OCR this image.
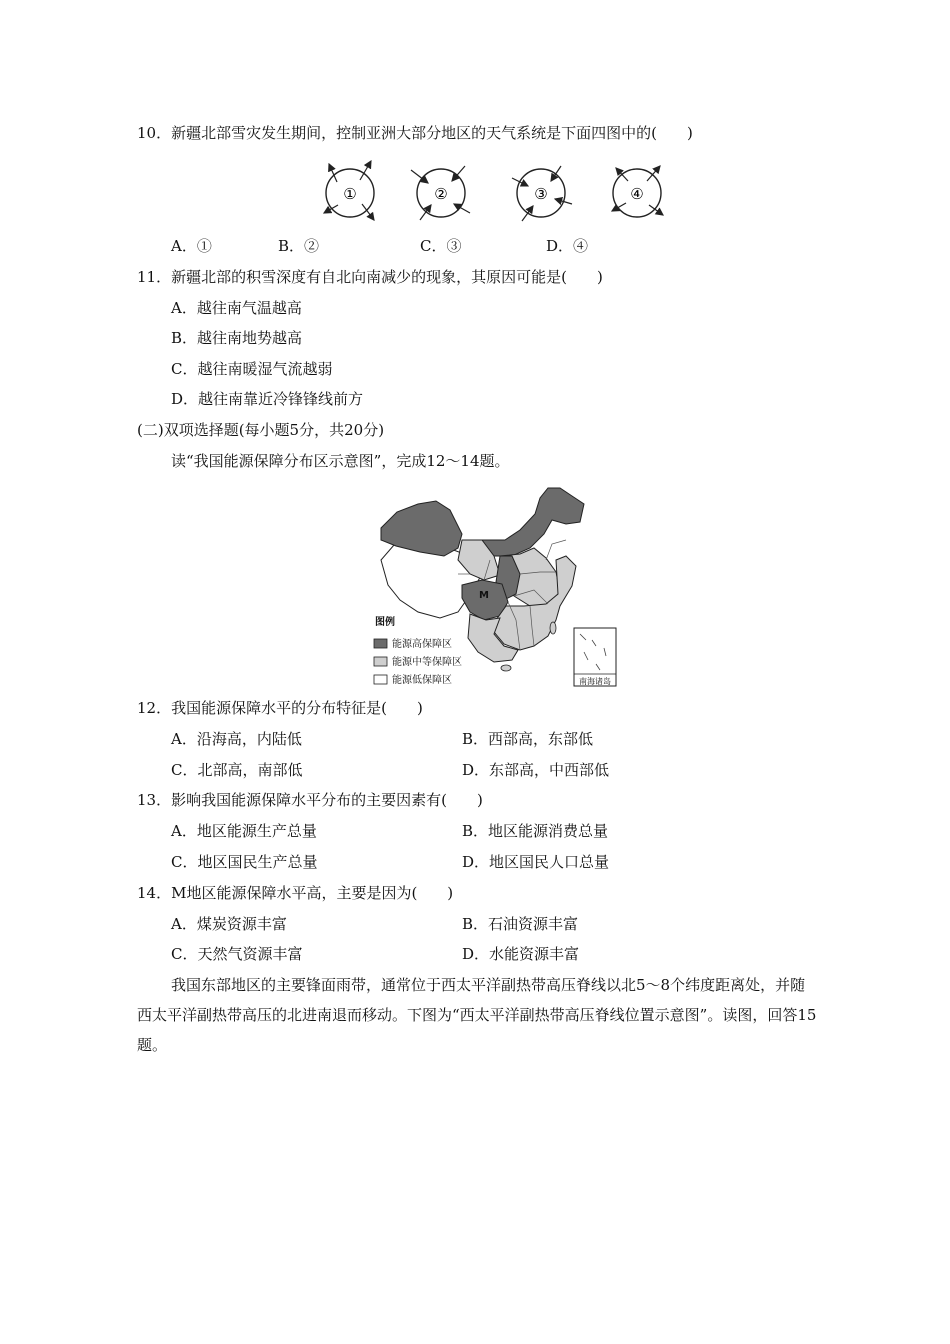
10．新疆北部雪灾发生期间，控制亚洲大部分地区的天气系统是下面四图中的(　　)
①	②	③	④
A．①	B．②	C．③	D．④
11．新疆北部的积雪深度有自北向南减少的现象，其原因可能是(　　)
A．越往南气温越高
B．越往南地势越高
C．越往南暖湿气流越弱
D．越往南靠近冷锋锋线前方
(二)双项选择题(每小题5分，共20分)
读“我国能源保障分布区示意图”，完成12～14题。
M
图例
能源高保障区
能源中等保障区
能源低保障区	南海诸岛
12．我国能源保障水平的分布特征是(　　)
A．沿海高，内陆低	B．西部高，东部低
C．北部高，南部低	D．东部高，中西部低
13．影响我国能源保障水平分布的主要因素有(　　)
A．地区能源生产总量	B．地区能源消费总量
C．地区国民生产总量	D．地区国民人口总量
14．M地区能源保障水平高，主要是因为(　　)
A．煤炭资源丰富	B．石油资源丰富
C．天然气资源丰富	D．水能资源丰富
我国东部地区的主要锋面雨带，通常位于西太平洋副热带高压脊线以北5～8个纬度距离处，并随西太平洋副热带高压的北进南退而移动。下图为“西太平洋副热带高压脊线位置示意图”。读图，回答15题。
